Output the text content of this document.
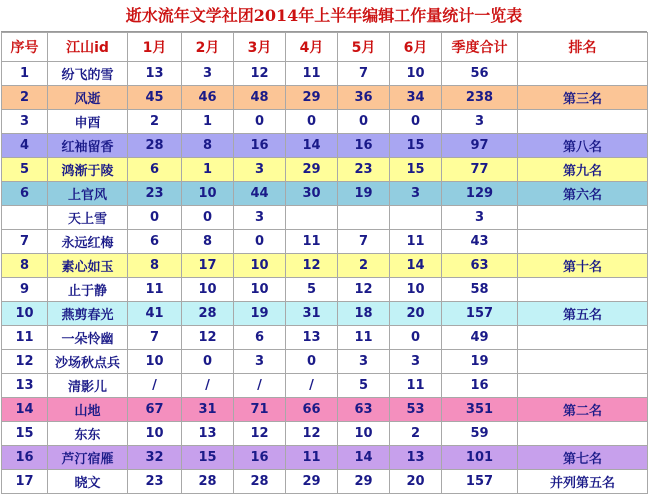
逝水流年文学社团2014年上半年编辑工作量统计一览表
序号	江山id	1月	2月	3月	4月	5月	6月	季度合计	排名
1	纷飞的雪	13	3	12	11	7	10	56	
2	风逝	45	46	48	29	36	34	238	第三名
3	申酉	2	1	0	0	0	0	3	
4	红袖留香	28	8	16	14	16	15	97	第八名
5	鸿渐于陵	6	1	3	29	23	15	77	第九名
6	上官风	23	10	44	30	19	3	129	第六名
	天上雪	0	0	3				3	
7	永远红梅	6	8	0	11	7	11	43	
8	素心如玉	8	17	10	12	2	14	63	第十名
9	止于静	11	10	10	5	12	10	58	
10	燕剪春光	41	28	19	31	18	20	157	第五名
11	一朵怜幽	7	12	6	13	11	0	49	
12	沙场秋点兵	10	0	3	0	3	3	19	
13	清影儿	/	/	/	/	5	11	16	
14	山地	67	31	71	66	63	53	351	第二名
15	东东	10	13	12	12	10	2	59	
16	芦汀宿雁	32	15	16	11	14	13	101	第七名
17	晓文	23	28	28	29	29	20	157	并列第五名
